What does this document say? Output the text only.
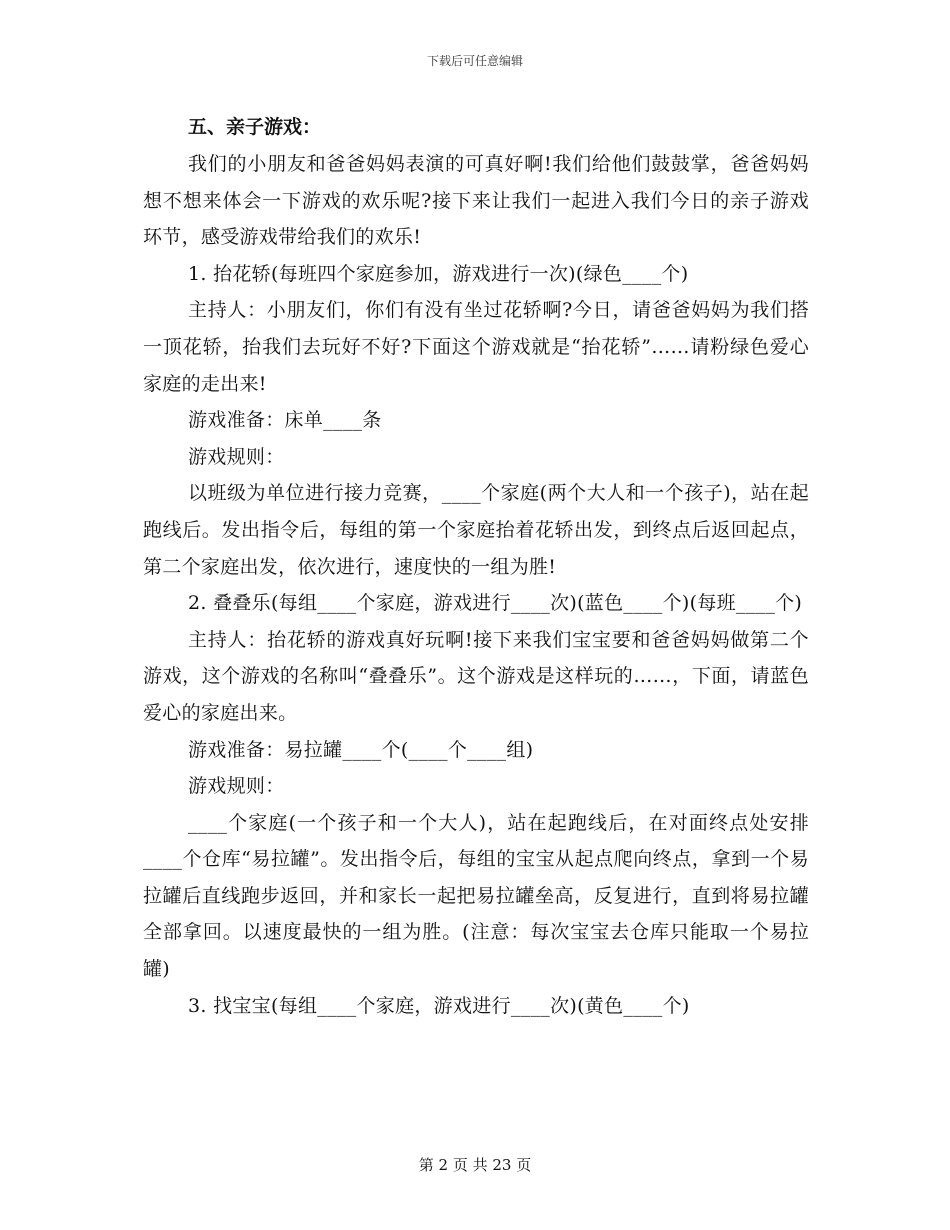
下载后可任意编辑
五、亲子游戏：

我们的小朋友和爸爸妈妈表演的可真好啊!我们给他们鼓鼓掌，爸爸妈妈想不想来体会一下游戏的欢乐呢?接下来让我们一起进入我们今日的亲子游戏环节，感受游戏带给我们的欢乐!

1. 抬花轿(每班四个家庭参加，游戏进行一次)(绿色____个)

主持人：小朋友们，你们有没有坐过花轿啊?今日，请爸爸妈妈为我们搭一顶花轿，抬我们去玩好不好?下面这个游戏就是“抬花轿”……请粉绿色爱心家庭的走出来!

游戏准备：床单____条

游戏规则：

以班级为单位进行接力竞赛，____个家庭(两个大人和一个孩子)，站在起跑线后。发出指令后，每组的第一个家庭抬着花轿出发，到终点后返回起点，第二个家庭出发，依次进行，速度快的一组为胜!

2. 叠叠乐(每组____个家庭，游戏进行____次)(蓝色____个)(每班____个)

主持人：抬花轿的游戏真好玩啊!接下来我们宝宝要和爸爸妈妈做第二个游戏，这个游戏的名称叫“叠叠乐”。这个游戏是这样玩的……，下面，请蓝色爱心的家庭出来。

游戏准备：易拉罐____个(____个____组)

游戏规则：

____个家庭(一个孩子和一个大人)，站在起跑线后，在对面终点处安排____个仓库“易拉罐”。发出指令后，每组的宝宝从起点爬向终点，拿到一个易拉罐后直线跑步返回，并和家长一起把易拉罐垒高，反复进行，直到将易拉罐全部拿回。以速度最快的一组为胜。(注意：每次宝宝去仓库只能取一个易拉罐)

3. 找宝宝(每组____个家庭，游戏进行____次)(黄色____个)

第 2 页 共 23 页
